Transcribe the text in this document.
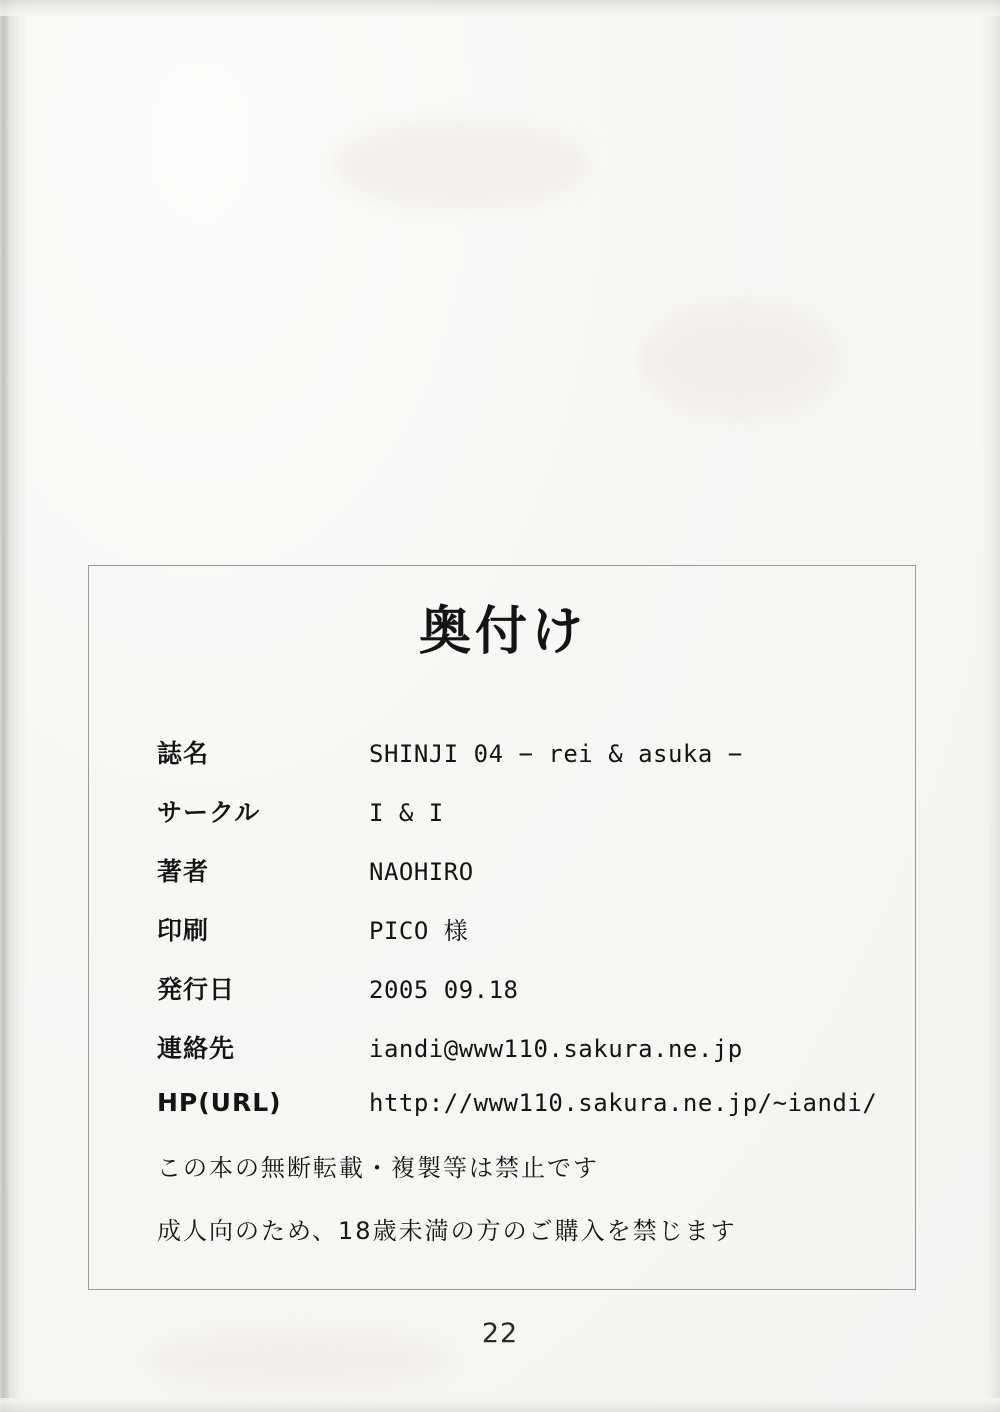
奥付け
誌名	SHINJI 04 − rei & asuka −
サークル	I & I
著者	NAOHIRO
印刷	PICO 様
発行日	2005 09.18
連絡先	iandi@www110.sakura.ne.jp
HP(URL)	http://www110.sakura.ne.jp/~iandi/
この本の無断転載・複製等は禁止です
成人向のため、18歳未満の方のご購入を禁じます
22
